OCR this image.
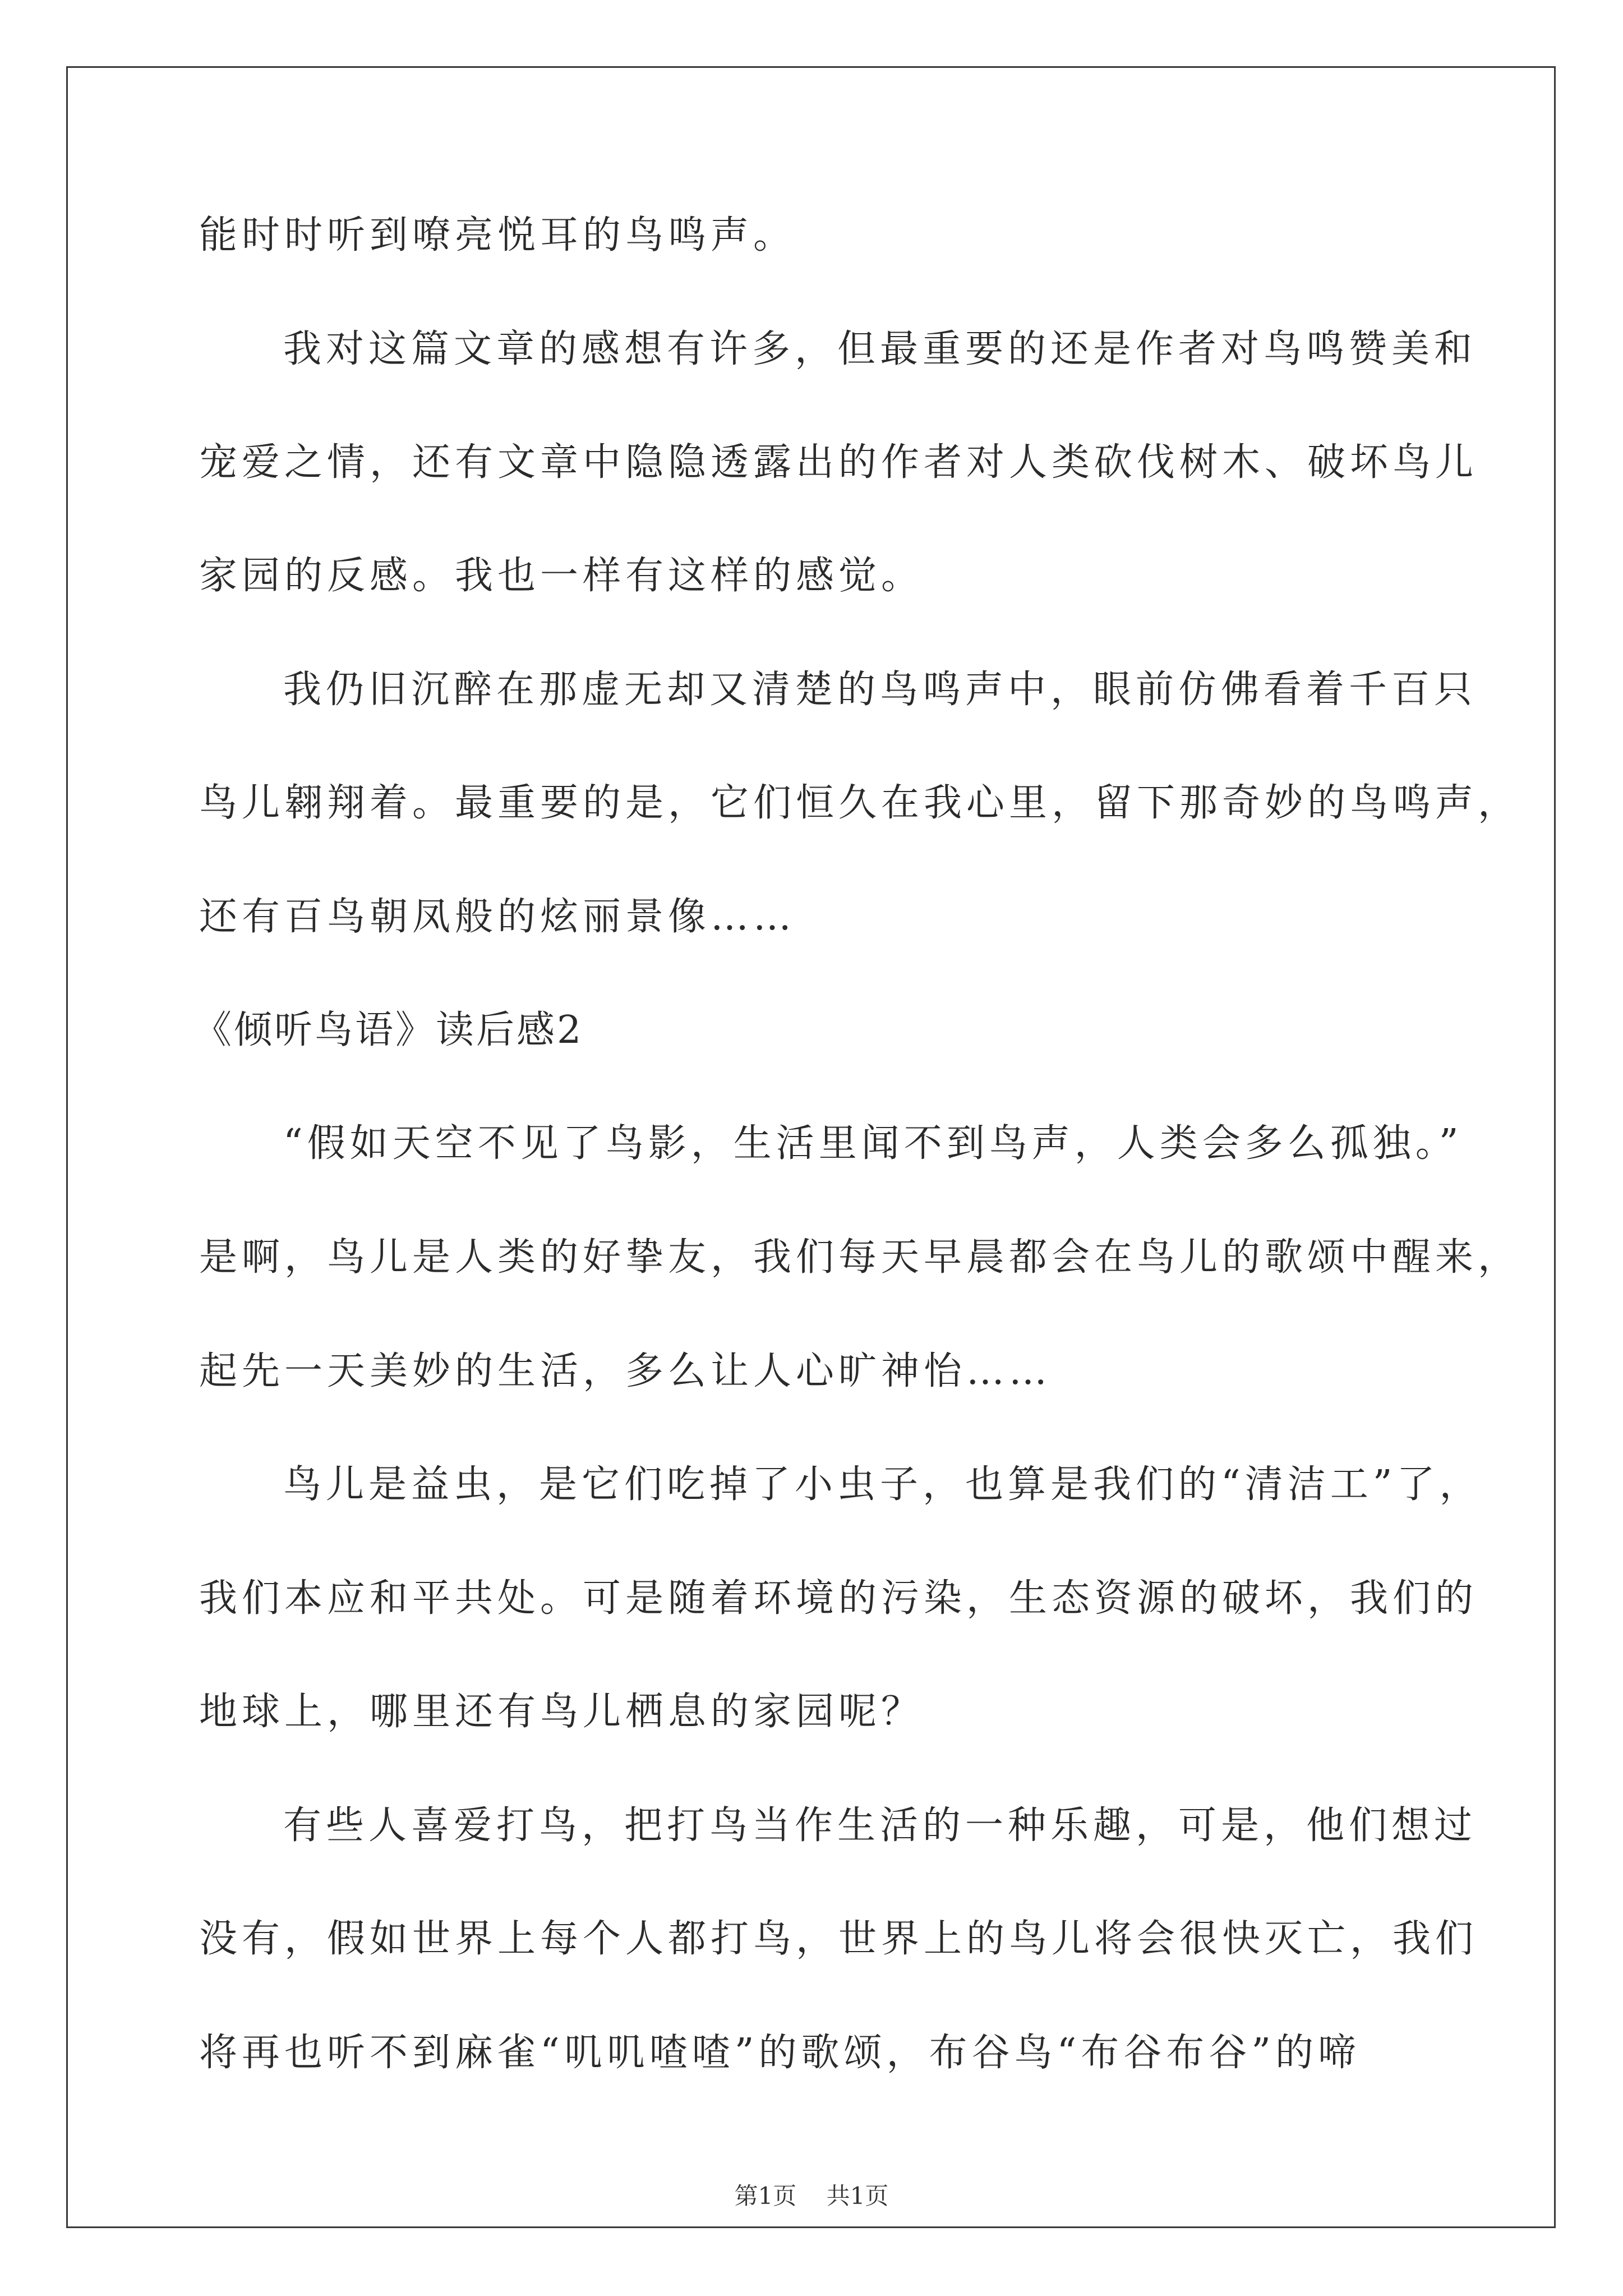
能时时听到嘹亮悦耳的鸟鸣声。
我对这篇文章的感想有许多，但最重要的还是作者对鸟鸣赞美和
宠爱之情，还有文章中隐隐透露出的作者对人类砍伐树木、破坏鸟儿
家园的反感。我也一样有这样的感觉。
我仍旧沉醉在那虚无却又清楚的鸟鸣声中，眼前仿佛看着千百只
鸟儿翱翔着。最重要的是，它们恒久在我心里，留下那奇妙的鸟鸣声，
还有百鸟朝凤般的炫丽景像……
《倾听鸟语》读后感2
“假如天空不见了鸟影，生活里闻不到鸟声，人类会多么孤独。”
是啊，鸟儿是人类的好挚友，我们每天早晨都会在鸟儿的歌颂中醒来，
起先一天美妙的生活，多么让人心旷神怡……
鸟儿是益虫，是它们吃掉了小虫子，也算是我们的“清洁工”了，
我们本应和平共处。可是随着环境的污染，生态资源的破坏，我们的
地球上，哪里还有鸟儿栖息的家园呢？
有些人喜爱打鸟，把打鸟当作生活的一种乐趣，可是，他们想过
没有，假如世界上每个人都打鸟，世界上的鸟儿将会很快灭亡，我们
将再也听不到麻雀“叽叽喳喳”的歌颂，布谷鸟“布谷布谷”的啼
第1页 共1页
